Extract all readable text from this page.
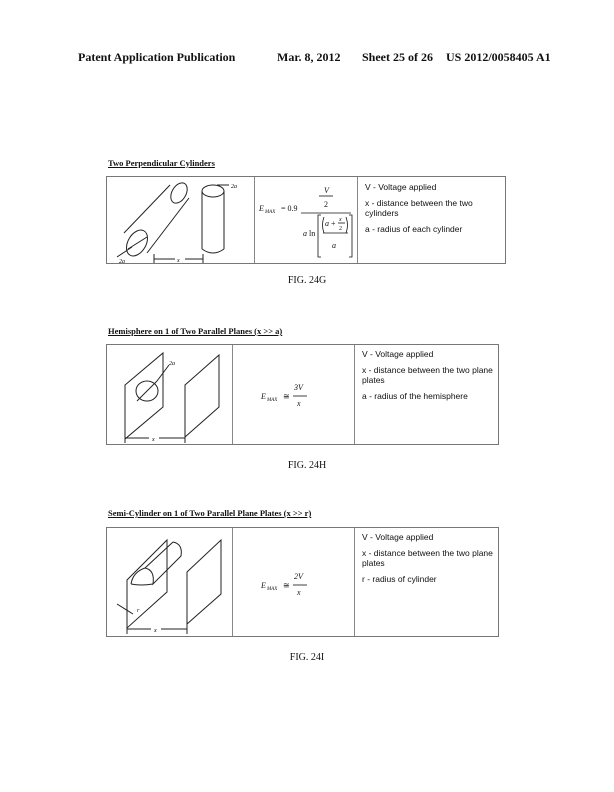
Patent Application Publication	Mar. 8, 2012 Sheet 25 of 26 US 2012/0058405 A1
Two Perpendicular Cylinders
2a
2a	x
E MAX = 0.9
V
2
a ln
a + x
2
a

V - Voltage applied

x - distance between the two cylinders

a - radius of each cylinder

FIG. 24G
Hemisphere on 1 of Two Parallel Planes (x >> a)
2a
x
E MAX ≅
3V
x

V - Voltage applied

x - distance between the two plane plates

a - radius of the hemisphere

FIG. 24H
Semi-Cylinder on 1 of Two Parallel Plane Plates (x >> r)
r
x
E MAX ≅
2V
x

V - Voltage applied

x - distance between the two plane plates

r - radius of cylinder

FIG. 24I
